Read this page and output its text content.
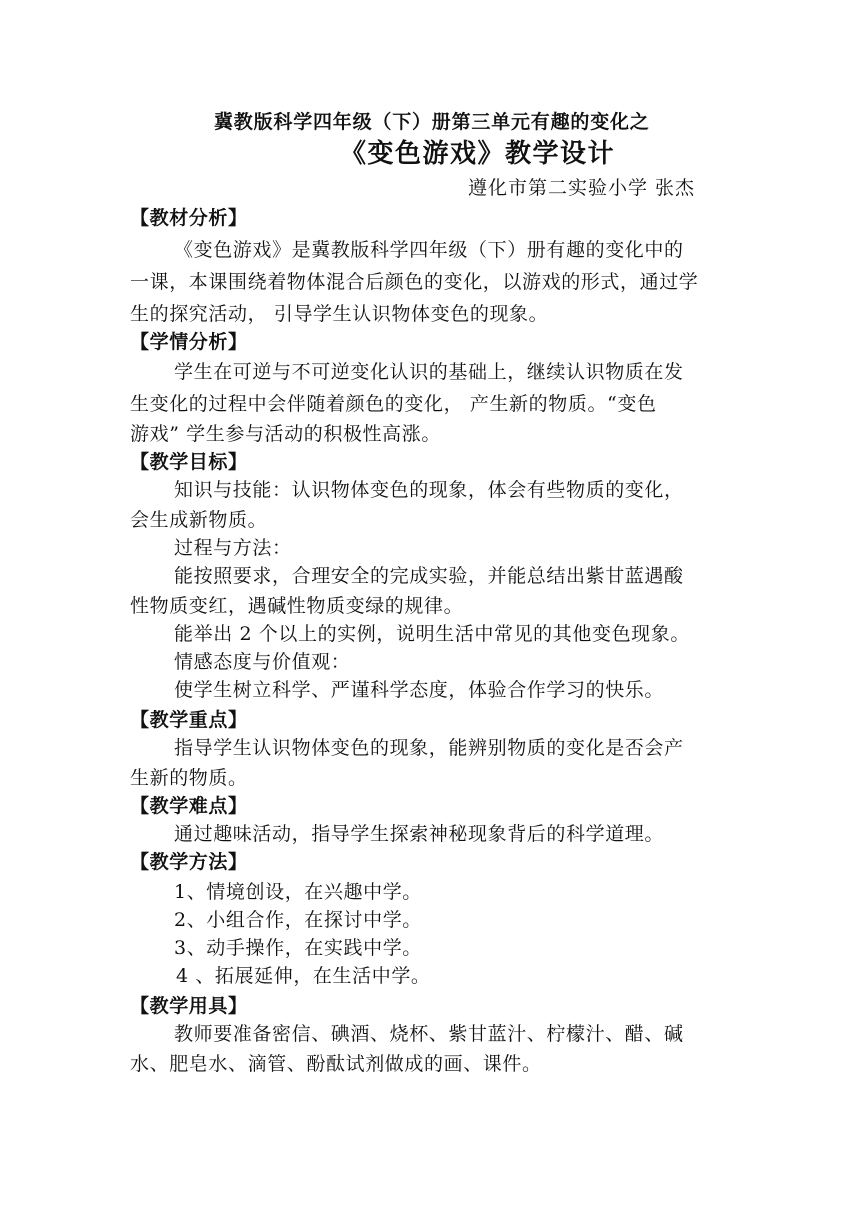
冀教版科学四年级（下）册第三单元有趣的变化之
《变色游戏》教学设计
遵化市第二实验小学 张杰
【教材分析】
《变色游戏》是冀教版科学四年级（下）册有趣的变化中的
一课，本课围绕着物体混合后颜色的变化，以游戏的形式，通过学
生的探究活动， 引导学生认识物体变色的现象。
【学情分析】
学生在可逆与不可逆变化认识的基础上，继续认识物质在发
生变化的过程中会伴随着颜色的变化， 产生新的物质。“变色
游戏” 学生参与活动的积极性高涨。
【教学目标】
知识与技能：认识物体变色的现象，体会有些物质的变化，
会生成新物质。
过程与方法：
能按照要求，合理安全的完成实验，并能总结出紫甘蓝遇酸
性物质变红，遇碱性物质变绿的规律。
能举出 2 个以上的实例，说明生活中常见的其他变色现象。
情感态度与价值观：
使学生树立科学、严谨科学态度，体验合作学习的快乐。
【教学重点】
指导学生认识物体变色的现象，能辨别物质的变化是否会产
生新的物质。
【教学难点】
通过趣味活动，指导学生探索神秘现象背后的科学道理。
【教学方法】
1、情境创设，在兴趣中学。
2、小组合作，在探讨中学。
3、动手操作，在实践中学。
4 、拓展延伸，在生活中学。
【教学用具】
教师要准备密信、碘酒、烧杯、紫甘蓝汁、柠檬汁、醋、碱
水、肥皂水、滴管、酚酞试剂做成的画、课件。
